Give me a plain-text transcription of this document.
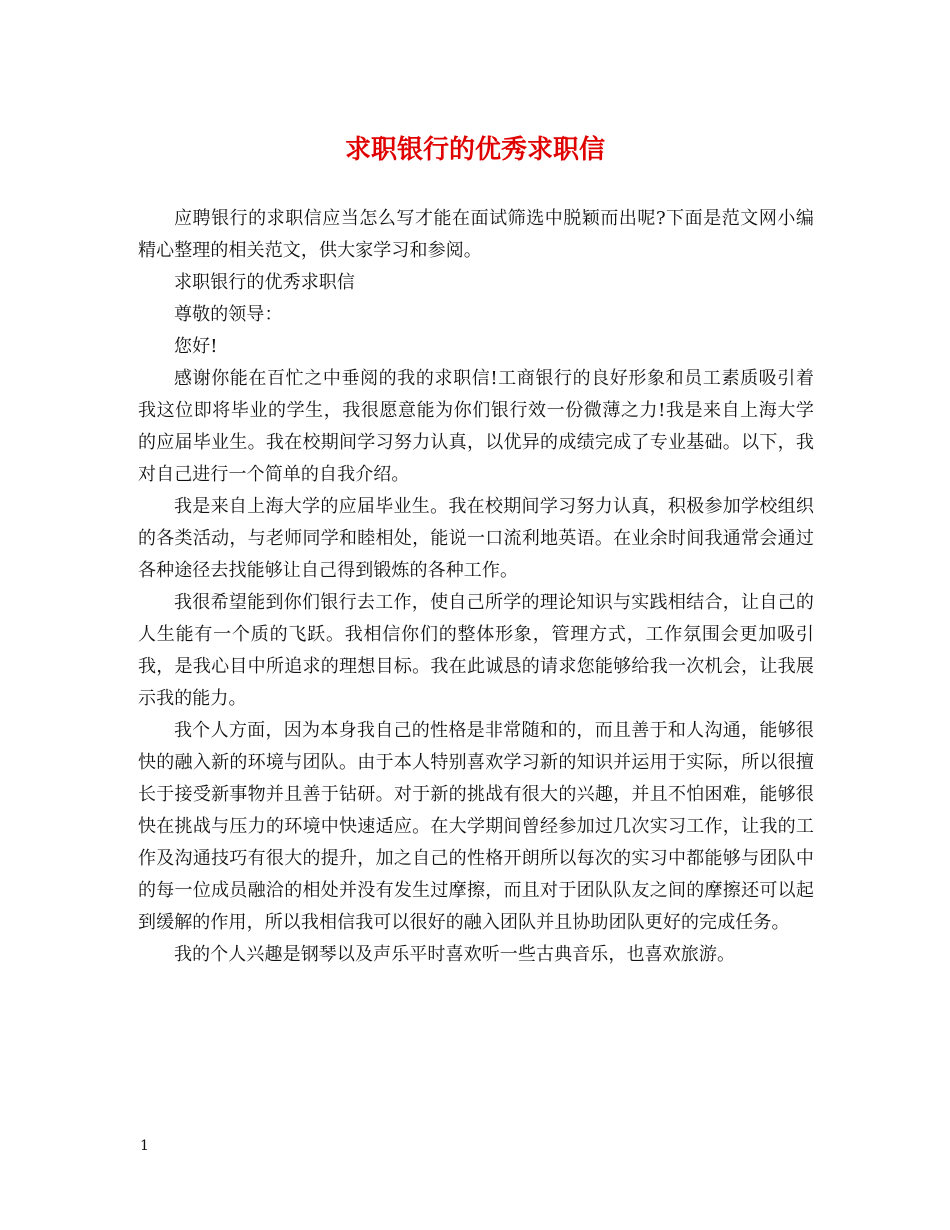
求职银行的优秀求职信

应聘银行的求职信应当怎么写才能在面试筛选中脱颖而出呢?下面是范文网小编精心整理的相关范文，供大家学习和参阅。

求职银行的优秀求职信

尊敬的领导：

您好!

感谢你能在百忙之中垂阅的我的求职信!工商银行的良好形象和员工素质吸引着我这位即将毕业的学生，我很愿意能为你们银行效一份微薄之力!我是来自上海大学的应届毕业生。我在校期间学习努力认真，以优异的成绩完成了专业基础。以下，我对自己进行一个简单的自我介绍。

我是来自上海大学的应届毕业生。我在校期间学习努力认真，积极参加学校组织的各类活动，与老师同学和睦相处，能说一口流利地英语。在业余时间我通常会通过各种途径去找能够让自己得到锻炼的各种工作。

我很希望能到你们银行去工作，使自己所学的理论知识与实践相结合，让自己的人生能有一个质的飞跃。我相信你们的整体形象，管理方式，工作氛围会更加吸引我，是我心目中所追求的理想目标。我在此诚恳的请求您能够给我一次机会，让我展示我的能力。

我个人方面，因为本身我自己的性格是非常随和的，而且善于和人沟通，能够很快的融入新的环境与团队。由于本人特别喜欢学习新的知识并运用于实际，所以很擅长于接受新事物并且善于钻研。对于新的挑战有很大的兴趣，并且不怕困难，能够很快在挑战与压力的环境中快速适应。在大学期间曾经参加过几次实习工作，让我的工作及沟通技巧有很大的提升，加之自己的性格开朗所以每次的实习中都能够与团队中的每一位成员融洽的相处并没有发生过摩擦，而且对于团队队友之间的摩擦还可以起到缓解的作用，所以我相信我可以很好的融入团队并且协助团队更好的完成任务。

我的个人兴趣是钢琴以及声乐平时喜欢听一些古典音乐，也喜欢旅游。

1
